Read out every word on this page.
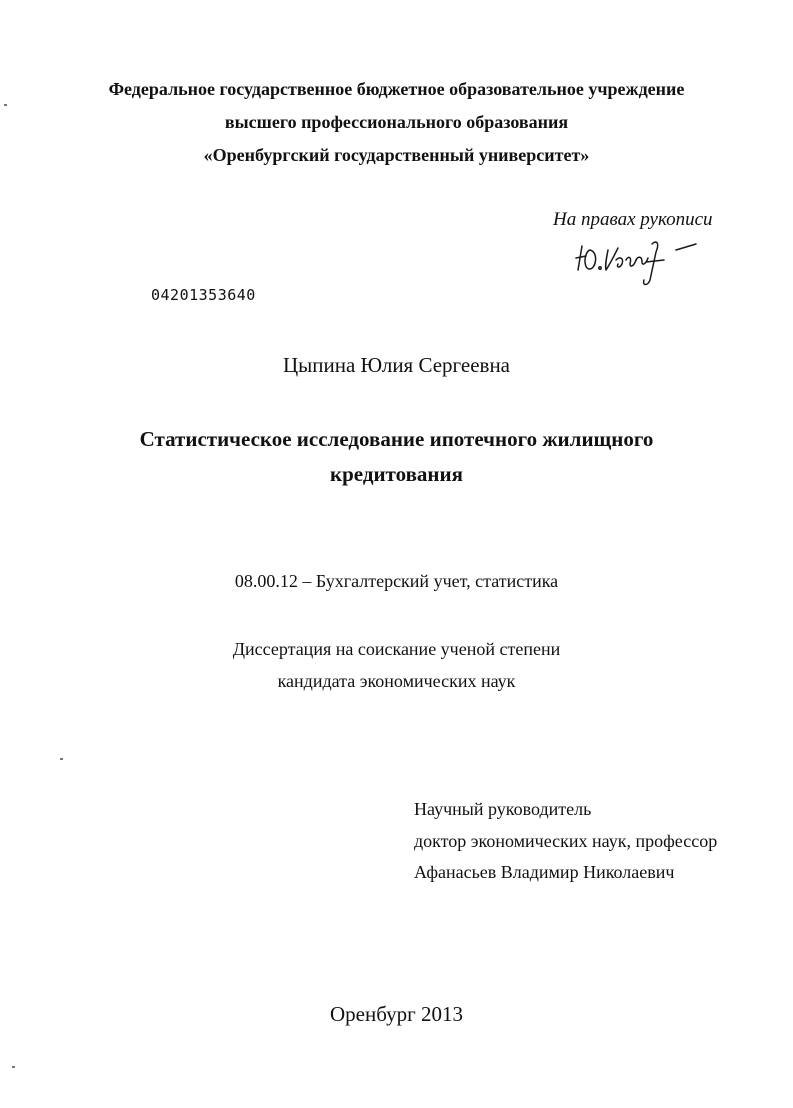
Федеральное государственное бюджетное образовательное учреждение
высшего профессионального образования
«Оренбургский государственный университет»
На правах рукописи
04201353640
Цыпина Юлия Сергеевна
Статистическое исследование ипотечного жилищного
кредитования
08.00.12 – Бухгалтерский учет, статистика
Диссертация на соискание ученой степени
кандидата экономических наук
Научный руководитель
доктор экономических наук, профессор
Афанасьев Владимир Николаевич
Оренбург 2013
